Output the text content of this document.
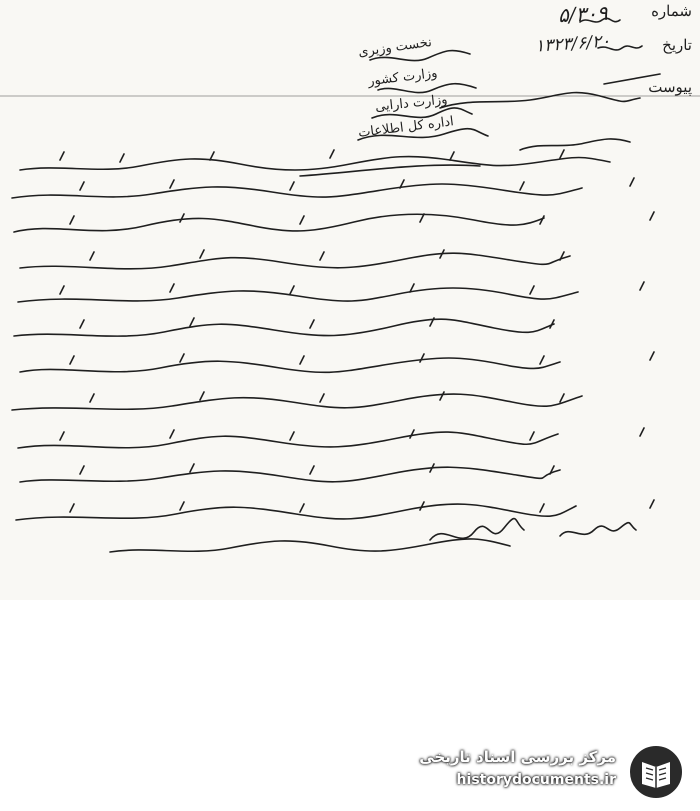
شماره
تاریخ
پیوست
۵/۳۰۹
۱۳۲۳/۶/۲۰
نخست وزیری
وزارت کشور
وزارت دارایی
اداره کل اطلاعات
مرکز بررسی اسناد تاریخی
historydocuments.ir
